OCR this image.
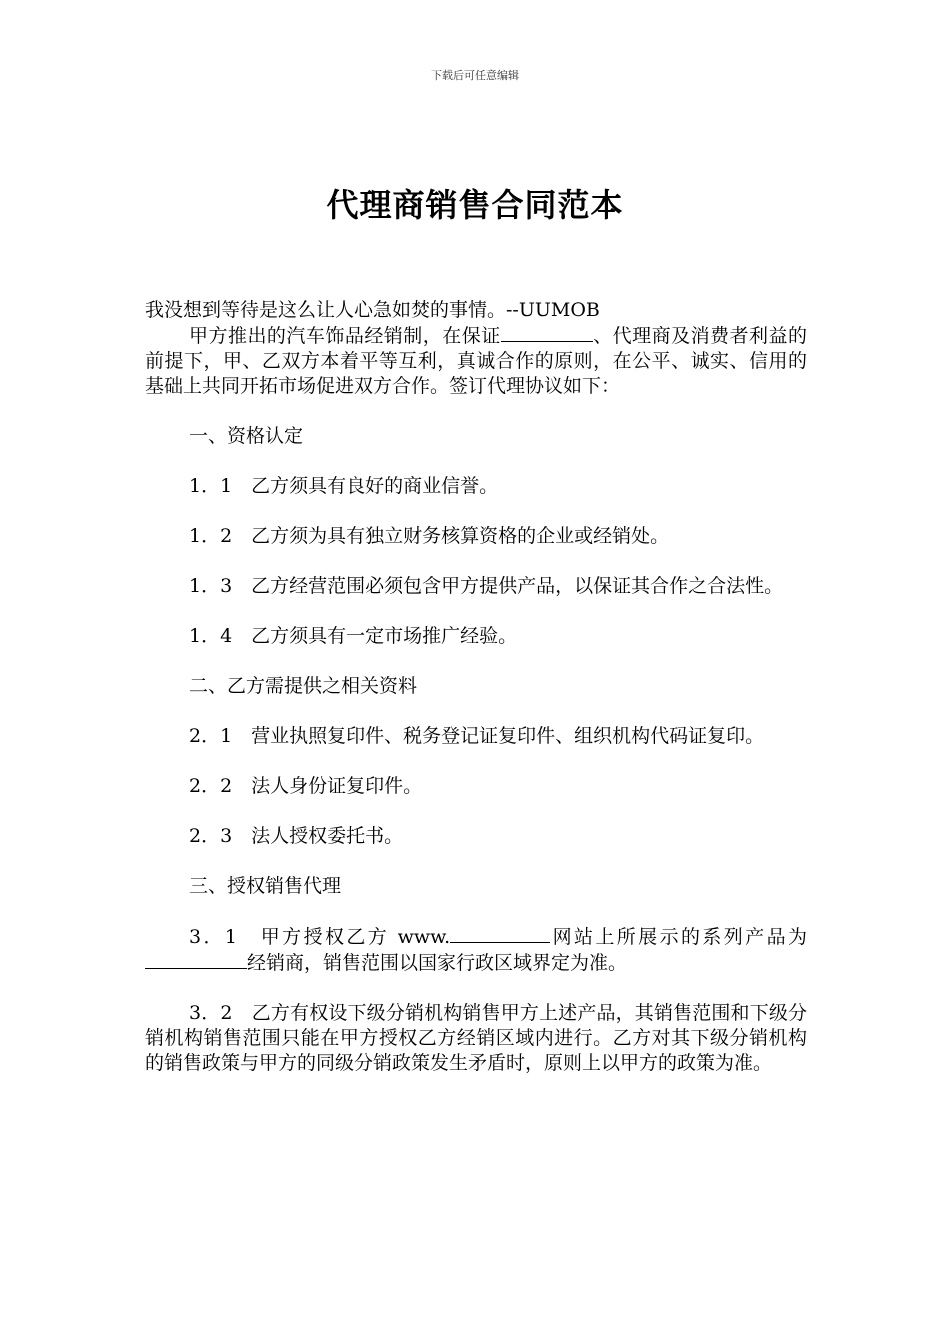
下载后可任意编辑
代理商销售合同范本

我没想到等待是这么让人心急如焚的事情。--UUMOB

甲方推出的汽车饰品经销制，在保证	、代理商及消费者利益的前提下，甲、乙双方本着平等互利，真诚合作的原则，在公平、诚实、信用的基础上共同开拓市场促进双方合作。签订代理协议如下：

一、资格认定

1．1　乙方须具有良好的商业信誉。

1．2　乙方须为具有独立财务核算资格的企业或经销处。

1．3　乙方经营范围必须包含甲方提供产品，以保证其合作之合法性。

1．4　乙方须具有一定市场推广经验。

二、乙方需提供之相关资料

2．1　营业执照复印件、税务登记证复印件、组织机构代码证复印。

2．2　法人身份证复印件。

2．3　法人授权委托书。

三、授权销售代理

3．1　甲方授权乙方 www.	网站上所展示的系列产品为经销商，销售范围以国家行政区域界定为准。

3．2　乙方有权设下级分销机构销售甲方上述产品，其销售范围和下级分销机构销售范围只能在甲方授权乙方经销区域内进行。乙方对其下级分销机构的销售政策与甲方的同级分销政策发生矛盾时，原则上以甲方的政策为准。
